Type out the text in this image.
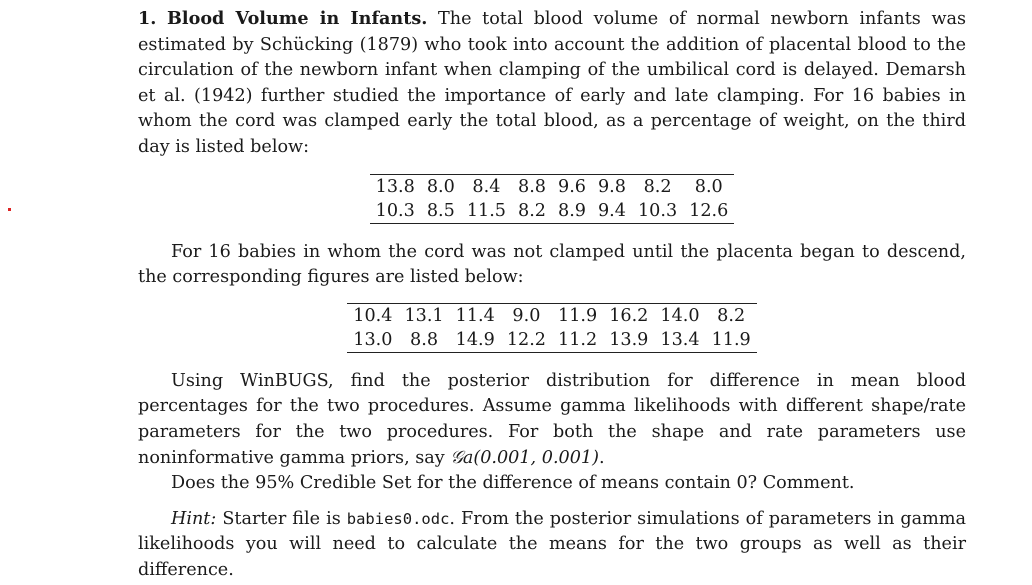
1. Blood Volume in Infants. The total blood volume of normal newborn infants was estimated by Schücking (1879) who took into account the addition of placental blood to the circulation of the newborn infant when clamping of the umbilical cord is delayed. Demarsh et al. (1942) further studied the importance of early and late clamping. For 16 babies in whom the cord was clamped early the total blood, as a percentage of weight, on the third day is listed below:

13.8	8.0	8.4	8.8	9.6	9.8	8.2	8.0
10.3	8.5	11.5	8.2	8.9	9.4	10.3	12.6

For 16 babies in whom the cord was not clamped until the placenta began to descend, the corresponding figures are listed below:

10.4	13.1	11.4	9.0	11.9	16.2	14.0	8.2
13.0	8.8	14.9	12.2	11.2	13.9	13.4	11.9

Using WinBUGS, find the posterior distribution for difference in mean blood percentages for the two procedures. Assume gamma likelihoods with different shape/rate parameters for the two procedures. For both the shape and rate parameters use noninformative gamma priors, say 𝒢a(0.001, 0.001).

Does the 95% Credible Set for the difference of means contain 0? Comment.

Hint: Starter file is babies0.odc. From the posterior simulations of parameters in gamma likelihoods you will need to calculate the means for the two groups as well as their difference.
